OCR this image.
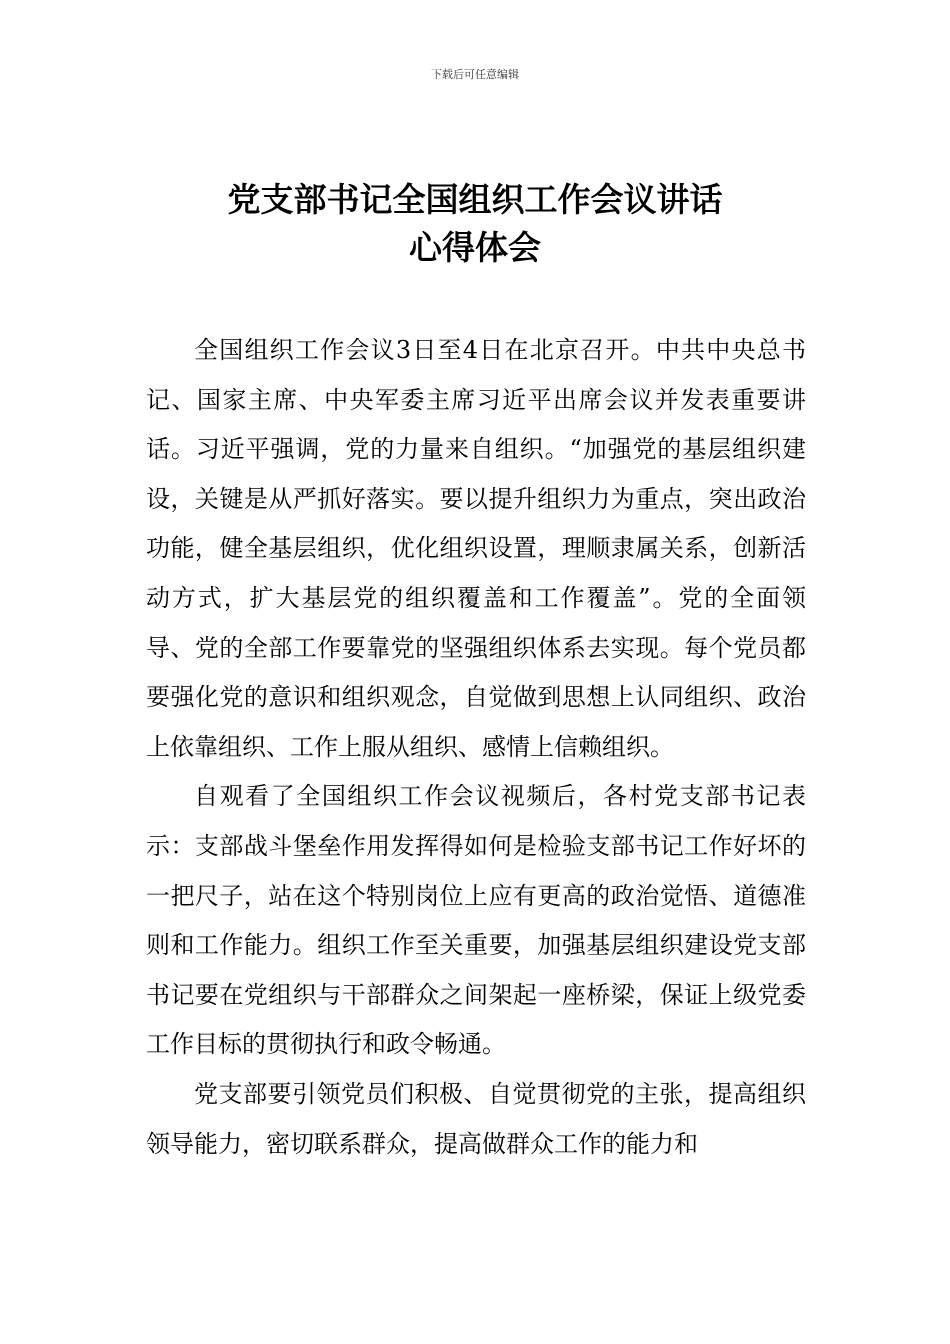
下载后可任意编辑
党支部书记全国组织工作会议讲话
心得体会

全国组织工作会议3日至4日在北京召开。中共中央总书记、国家主席、中央军委主席习近平出席会议并发表重要讲话。习近平强调，党的力量来自组织。“加强党的基层组织建设，关键是从严抓好落实。要以提升组织力为重点，突出政治功能，健全基层组织，优化组织设置，理顺隶属关系，创新活动方式，扩大基层党的组织覆盖和工作覆盖”。党的全面领导、党的全部工作要靠党的坚强组织体系去实现。每个党员都要强化党的意识和组织观念，自觉做到思想上认同组织、政治上依靠组织、工作上服从组织、感情上信赖组织。

自观看了全国组织工作会议视频后，各村党支部书记表示：支部战斗堡垒作用发挥得如何是检验支部书记工作好坏的一把尺子，站在这个特别岗位上应有更高的政治觉悟、道德准则和工作能力。组织工作至关重要，加强基层组织建设党支部书记要在党组织与干部群众之间架起一座桥梁，保证上级党委工作目标的贯彻执行和政令畅通。

党支部要引领党员们积极、自觉贯彻党的主张，提高组织领导能力，密切联系群众，提高做群众工作的能力和
